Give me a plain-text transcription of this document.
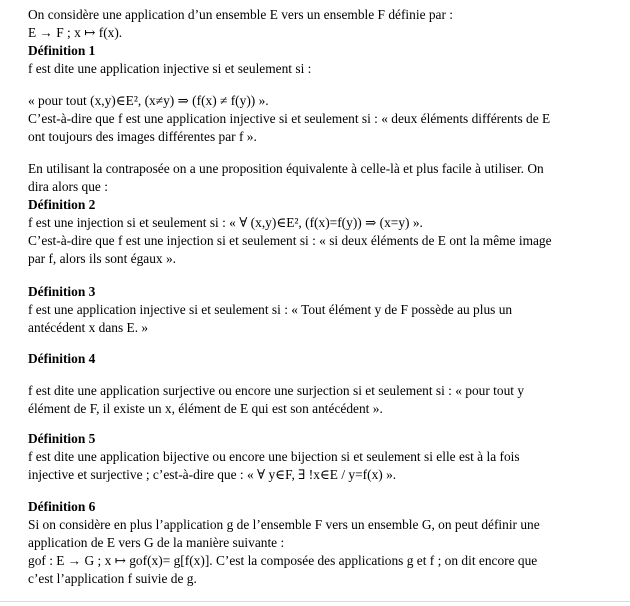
On considère une application d’un ensemble E vers un ensemble F définie par :
E → F ; x ↦ f(x).
Définition 1
f est dite une application injective si et seulement si :
« pour tout (x,y)∈E², (x≠y) ⇒ (f(x) ≠ f(y)) ».
C’est-à-dire que f est une application injective si et seulement si : « deux éléments différents de E
ont toujours des images différentes par f ».
En utilisant la contraposée on a une proposition équivalente à celle-là et plus facile à utiliser. On
dira alors que :
Définition 2
f est une injection si et seulement si : « ∀ (x,y)∈E², (f(x)=f(y)) ⇒ (x=y) ».
C’est-à-dire que f est une injection si et seulement si : « si deux éléments de E ont la même image
par f, alors ils sont égaux ».
Définition 3
f est une application injective si et seulement si : « Tout élément y de F possède au plus un
antécédent x dans E. »
Définition 4
f est dite une application surjective ou encore une surjection si et seulement si : « pour tout y
élément de F, il existe un x, élément de E qui est son antécédent ».
Définition 5
f est dite une application bijective ou encore une bijection si et seulement si elle est à la fois
injective et surjective ; c’est-à-dire que : « ∀ y∈F, ∃ !x∈E / y=f(x) ».
Définition 6
Si on considère en plus l’application g de l’ensemble F vers un ensemble G, on peut définir une
application de E vers G de la manière suivante :
gof : E → G ; x ↦ gof(x)= g[f(x)]. C’est la composée des applications g et f ; on dit encore que
c’est l’application f suivie de g.
